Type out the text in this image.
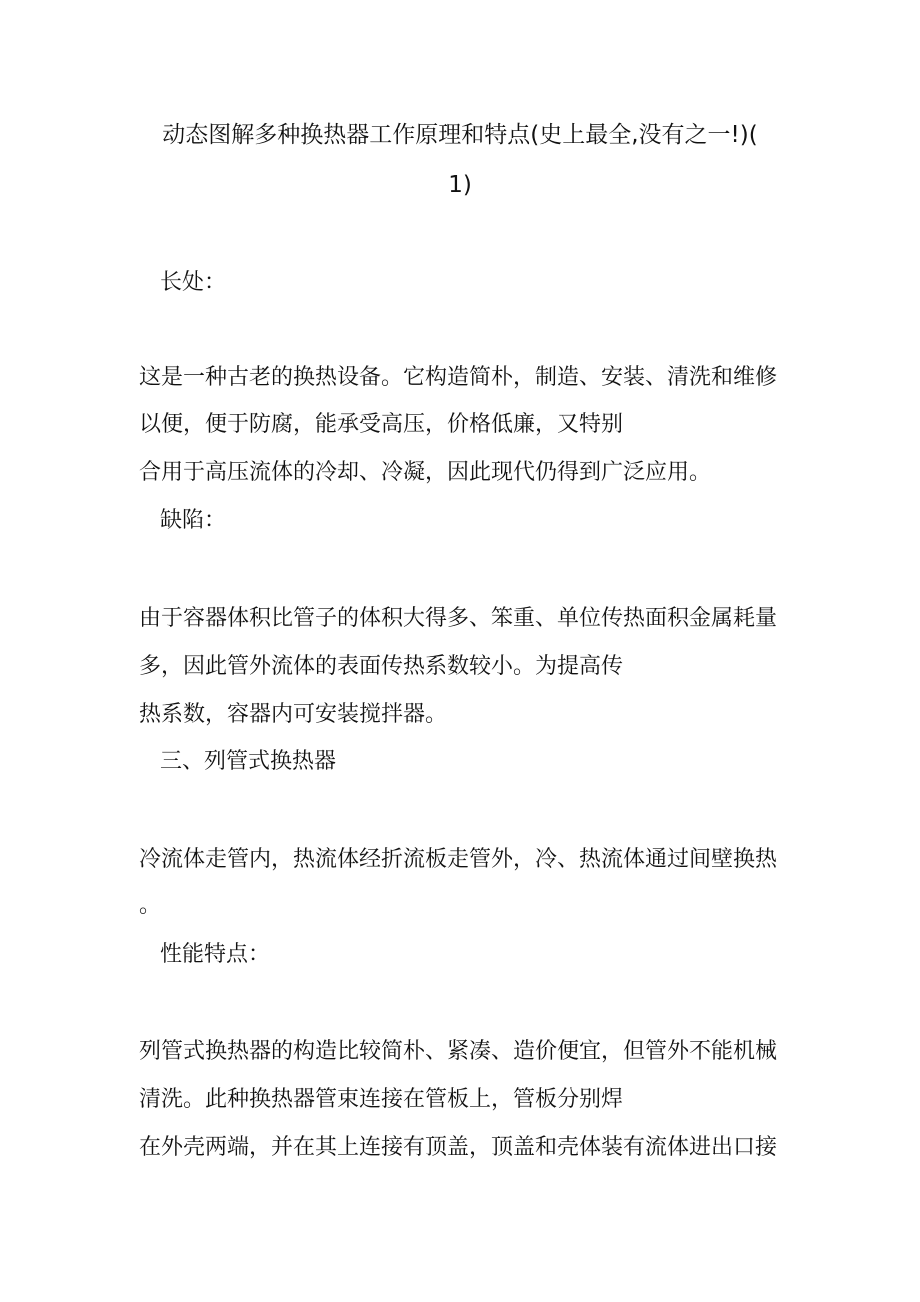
动态图解多种换热器工作原理和特点(史上最全,没有之一!)(
1)
长处：
这是一种古老的换热设备。它构造简朴，制造、安装、清洗和维修
以便，便于防腐，能承受高压，价格低廉，又特别
合用于高压流体的冷却、冷凝，因此现代仍得到广泛应用。
缺陷：
由于容器体积比管子的体积大得多、笨重、单位传热面积金属耗量
多，因此管外流体的表面传热系数较小。为提高传
热系数，容器内可安装搅拌器。
三、列管式换热器
冷流体走管内，热流体经折流板走管外，冷、热流体通过间壁换热
。
性能特点：
列管式换热器的构造比较简朴、紧凑、造价便宜，但管外不能机械
清洗。此种换热器管束连接在管板上，管板分别焊
在外壳两端，并在其上连接有顶盖，顶盖和壳体装有流体进出口接
